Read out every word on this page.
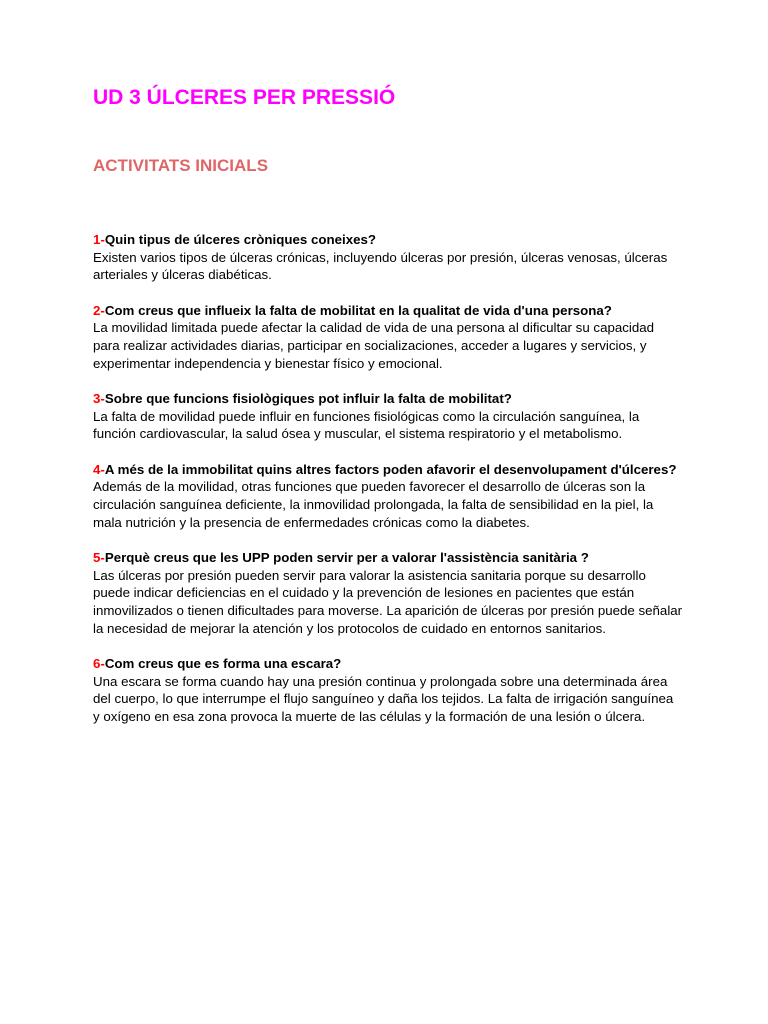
UD 3 ÚLCERES PER PRESSIÓ
ACTIVITATS INICIALS

1-Quin tipus de úlceres cròniques coneixes?

Existen varios tipos de úlceras crónicas, incluyendo úlceras por presión, úlceras venosas, úlceras arteriales y úlceras diabéticas.

2-Com creus que influeix la falta de mobilitat en la qualitat de vida d'una persona?

La movilidad limitada puede afectar la calidad de vida de una persona al dificultar su capacidad para realizar actividades diarias, participar en socializaciones, acceder a lugares y servicios, y experimentar independencia y bienestar físico y emocional.

3-Sobre que funcions fisiològiques pot influir la falta de mobilitat?

La falta de movilidad puede influir en funciones fisiológicas como la circulación sanguínea, la función cardiovascular, la salud ósea y muscular, el sistema respiratorio y el metabolismo.

4-A més de la immobilitat quins altres factors poden afavorir el desenvolupament d'úlceres?

Además de la movilidad, otras funciones que pueden favorecer el desarrollo de úlceras son la circulación sanguínea deficiente, la inmovilidad prolongada, la falta de sensibilidad en la piel, la mala nutrición y la presencia de enfermedades crónicas como la diabetes.

5-Perquè creus que les UPP poden servir per a valorar l'assistència sanitària ?

Las úlceras por presión pueden servir para valorar la asistencia sanitaria porque su desarrollo puede indicar deficiencias en el cuidado y la prevención de lesiones en pacientes que están inmovilizados o tienen dificultades para moverse. La aparición de úlceras por presión puede señalar la necesidad de mejorar la atención y los protocolos de cuidado en entornos sanitarios.

6-Com creus que es forma una escara?

Una escara se forma cuando hay una presión continua y prolongada sobre una determinada área del cuerpo, lo que interrumpe el flujo sanguíneo y daña los tejidos. La falta de irrigación sanguínea y oxígeno en esa zona provoca la muerte de las células y la formación de una lesión o úlcera.
